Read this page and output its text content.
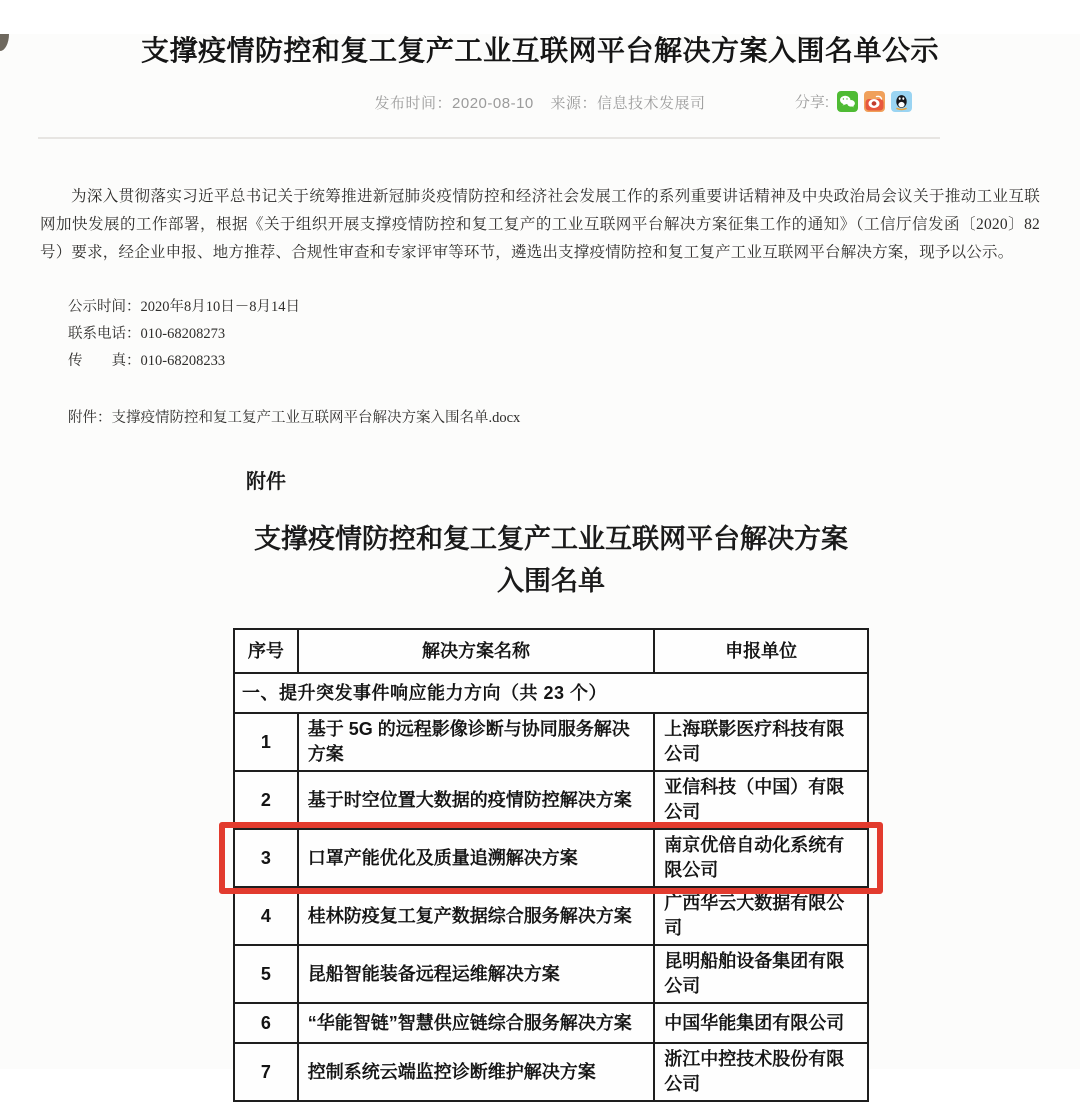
支撑疫情防控和复工复产工业互联网平台解决方案入围名单公示
发布时间：2020-08-10 来源：信息技术发展司	分享:

为深入贯彻落实习近平总书记关于统筹推进新冠肺炎疫情防控和经济社会发展工作的系列重要讲话精神及中央政治局会议关于推动工业互联网加快发展的工作部署，根据《关于组织开展支撑疫情防控和复工复产的工业互联网平台解决方案征集工作的通知》（工信厅信发函〔2020〕82号）要求，经企业申报、地方推荐、合规性审查和专家评审等环节，遴选出支撑疫情防控和复工复产工业互联网平台解决方案，现予以公示。

公示时间：2020年8月10日－8月14日

联系电话：010-68208273

传　　真：010-68208233

附件：支撑疫情防控和复工复产工业互联网平台解决方案入围名单.docx

附件
支撑疫情防控和复工复产工业互联网平台解决方案
入围名单
序号	解决方案名称	申报单位
一、提升突发事件响应能力方向（共 23 个）		
1	基于 5G 的远程影像诊断与协同服务解决方案	上海联影医疗科技有限公司
2	基于时空位置大数据的疫情防控解决方案	亚信科技（中国）有限公司
3	口罩产能优化及质量追溯解决方案	南京优倍自动化系统有限公司
4	桂林防疫复工复产数据综合服务解决方案	广西华云大数据有限公司
5	昆船智能装备远程运维解决方案	昆明船舶设备集团有限公司
6	“华能智链”智慧供应链综合服务解决方案	中国华能集团有限公司
7	控制系统云端监控诊断维护解决方案	浙江中控技术股份有限公司
